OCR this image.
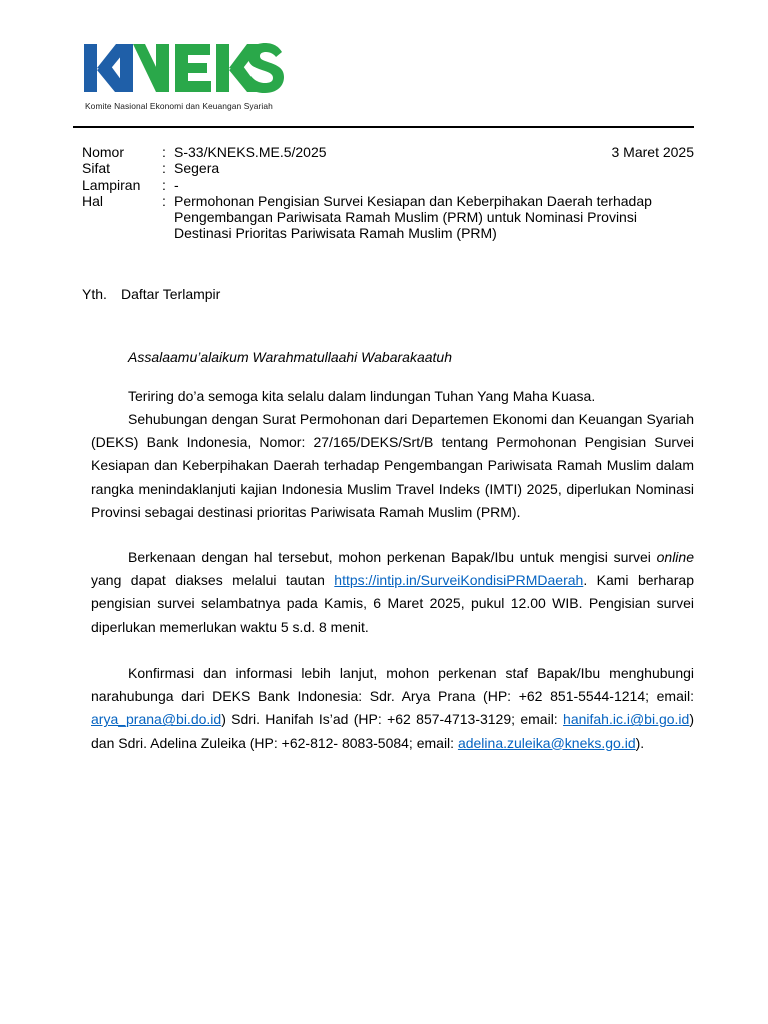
Komite Nasional Ekonomi dan Keuangan Syariah
3 Maret 2025
Nomor	: S-33/KNEKS.ME.5/2025
Sifat	: Segera
Lampiran	: -
Hal	: Permohonan Pengisian Survei Kesiapan dan Keberpihakan Daerah terhadap Pengembangan Pariwisata Ramah Muslim (PRM) untuk Nominasi Provinsi Destinasi Prioritas Pariwisata Ramah Muslim (PRM)
Yth.	Daftar Terlampir
Assalaamu’alaikum Warahmatullaahi Wabarakaatuh
Teriring do’a semoga kita selalu dalam lindungan Tuhan Yang Maha Kuasa.
Sehubungan dengan Surat Permohonan dari Departemen Ekonomi dan Keuangan Syariah (DEKS) Bank Indonesia, Nomor: 27/165/DEKS/Srt/B tentang Permohonan Pengisian Survei Kesiapan dan Keberpihakan Daerah terhadap Pengembangan Pariwisata Ramah Muslim dalam rangka menindaklanjuti kajian Indonesia Muslim Travel Indeks (IMTI) 2025, diperlukan Nominasi Provinsi sebagai destinasi prioritas Pariwisata Ramah Muslim (PRM).
Berkenaan dengan hal tersebut, mohon perkenan Bapak/Ibu untuk mengisi survei online yang dapat diakses melalui tautan https://intip.in/SurveiKondisiPRMDaerah. Kami berharap pengisian survei selambatnya pada Kamis, 6 Maret 2025, pukul 12.00 WIB. Pengisian survei diperlukan memerlukan waktu 5 s.d. 8 menit.
Konfirmasi dan informasi lebih lanjut, mohon perkenan staf Bapak/Ibu menghubungi narahubunga dari DEKS Bank Indonesia: Sdr. Arya Prana (HP: +62 851-5544-1214; email: arya_prana@bi.do.id) Sdri. Hanifah Is’ad (HP: +62 857-4713-3129; email: hanifah.ic.i@bi.go.id) dan Sdri. Adelina Zuleika (HP: +62-812- 8083-5084; email: adelina.zuleika@kneks.go.id).
